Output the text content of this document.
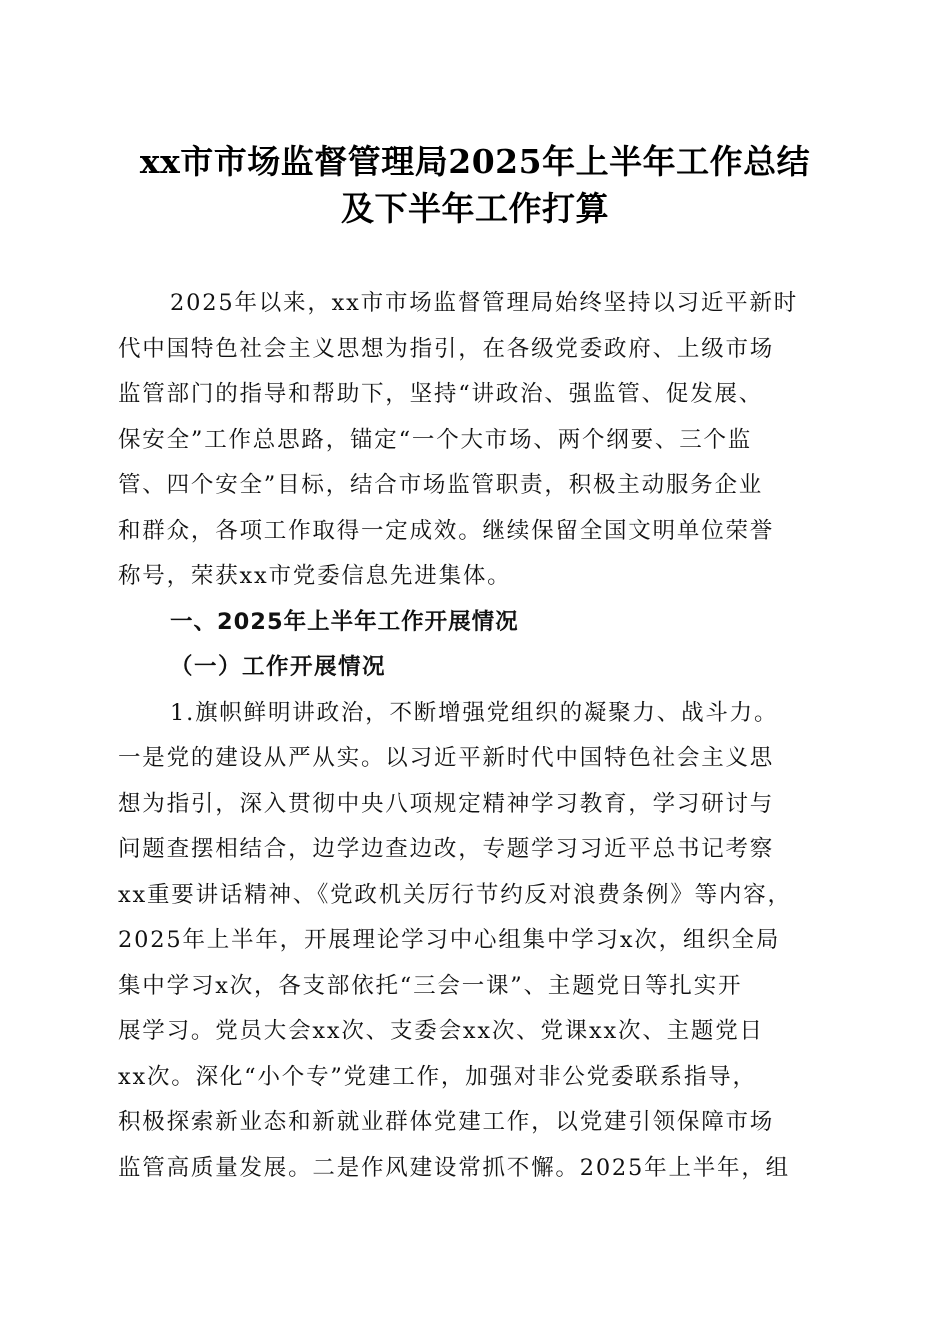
xx市市场监督管理局2025年上半年工作总结
及下半年工作打算
2025年以来，xx市市场监督管理局始终坚持以习近平新时
代中国特色社会主义思想为指引，在各级党委政府、上级市场
监管部门的指导和帮助下，坚持“讲政治、强监管、促发展、
保安全”工作总思路，锚定“一个大市场、两个纲要、三个监
管、四个安全”目标，结合市场监管职责，积极主动服务企业
和群众，各项工作取得一定成效。继续保留全国文明单位荣誉
称号，荣获xx市党委信息先进集体。
一、2025年上半年工作开展情况
（一）工作开展情况
1.旗帜鲜明讲政治，不断增强党组织的凝聚力、战斗力。
一是党的建设从严从实。以习近平新时代中国特色社会主义思
想为指引，深入贯彻中央八项规定精神学习教育，学习研讨与
问题查摆相结合，边学边查边改，专题学习习近平总书记考察
xx重要讲话精神、《党政机关厉行节约反对浪费条例》等内容，
2025年上半年，开展理论学习中心组集中学习x次，组织全局
集中学习x次，各支部依托“三会一课”、主题党日等扎实开
展学习。党员大会xx次、支委会xx次、党课xx次、主题党日
xx次。深化“小个专”党建工作，加强对非公党委联系指导，
积极探索新业态和新就业群体党建工作，以党建引领保障市场
监管高质量发展。二是作风建设常抓不懈。2025年上半年，组
